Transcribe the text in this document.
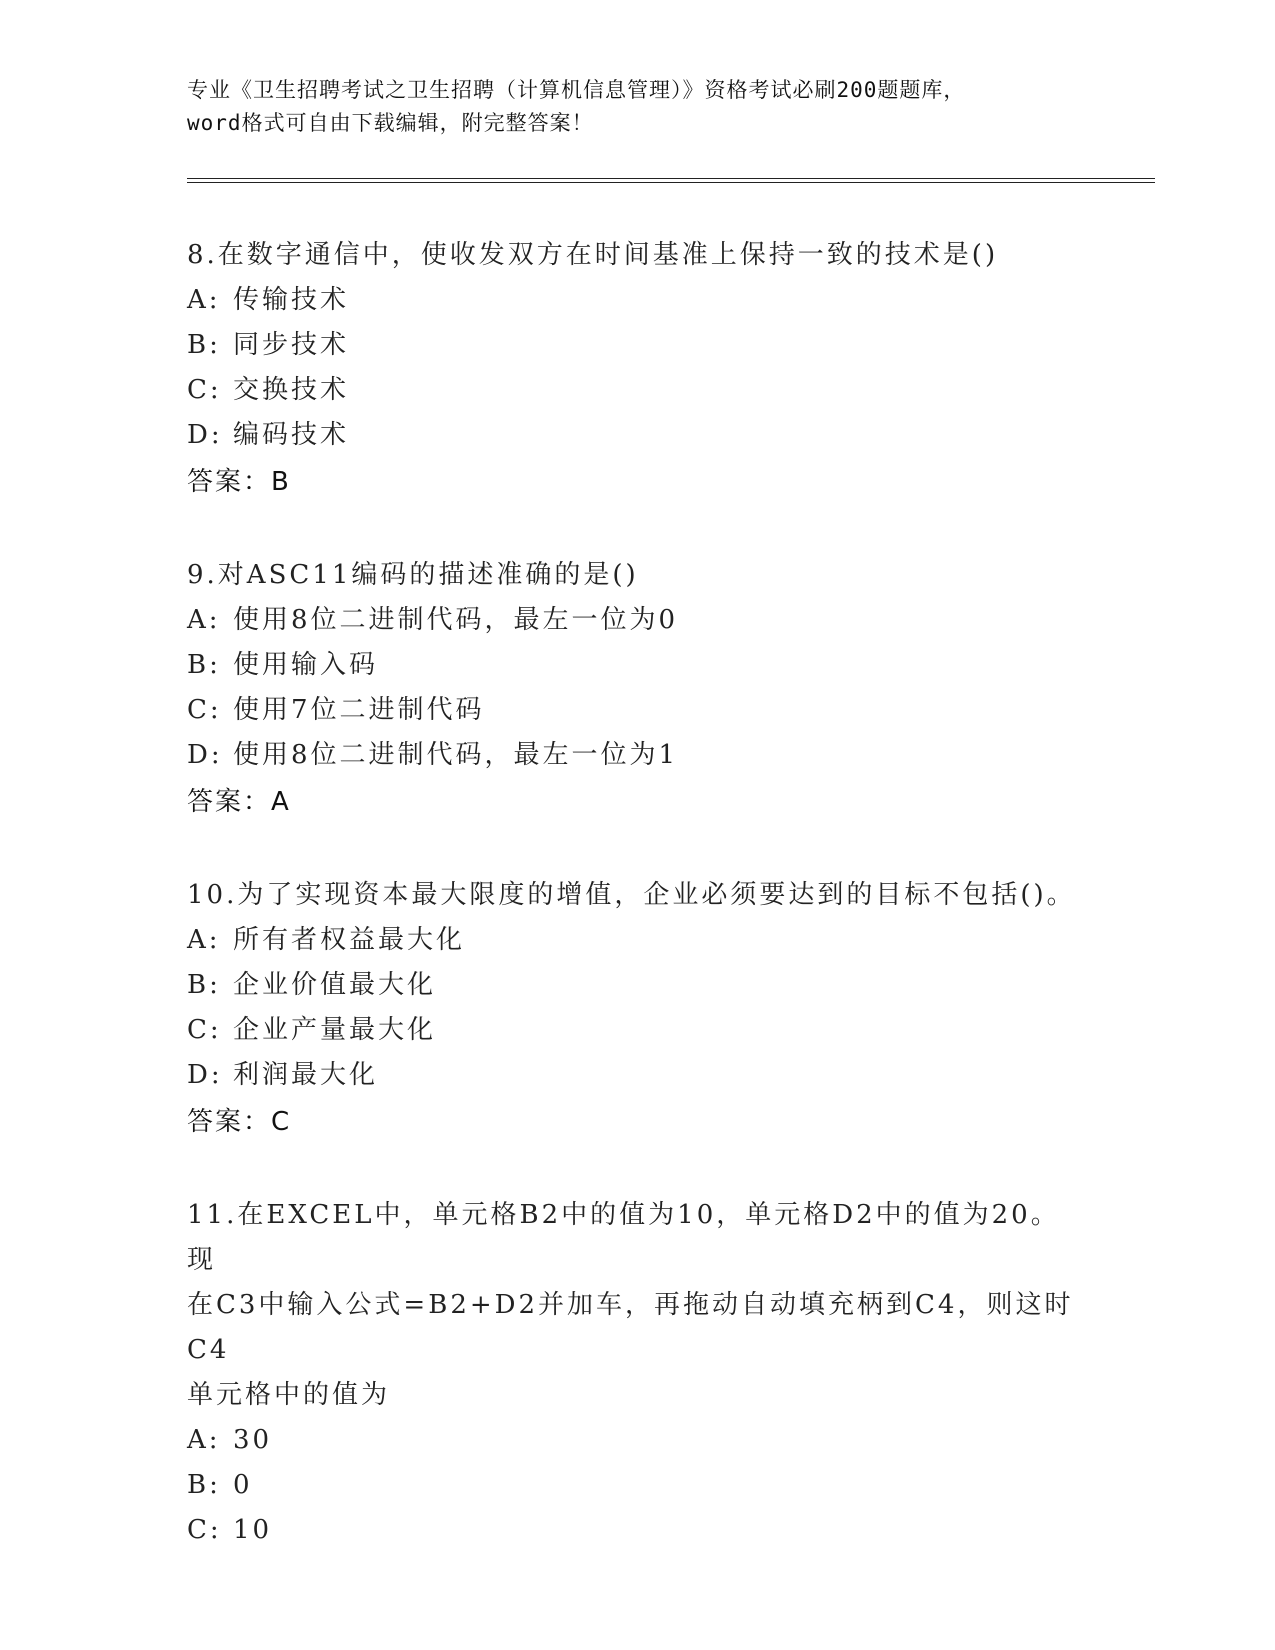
专业《卫生招聘考试之卫生招聘（计算机信息管理）》资格考试必刷200题题库，
word格式可自由下载编辑，附完整答案！
8.在数字通信中，使收发双方在时间基准上保持一致的技术是()
A: 传输技术
B: 同步技术
C: 交换技术
D: 编码技术
答案：B
9.对ASC11编码的描述准确的是()
A: 使用8位二进制代码，最左一位为0
B: 使用输入码
C: 使用7位二进制代码
D: 使用8位二进制代码，最左一位为1
答案：A
10.为了实现资本最大限度的增值，企业必须要达到的目标不包括()。
A: 所有者权益最大化
B: 企业价值最大化
C: 企业产量最大化
D: 利润最大化
答案：C
11.在EXCEL中，单元格B2中的值为10，单元格D2中的值为20。现
在C3中输入公式=B2+D2并加车，再拖动自动填充柄到C4，则这时C4
单元格中的值为
A: 30
B: 0
C: 10
